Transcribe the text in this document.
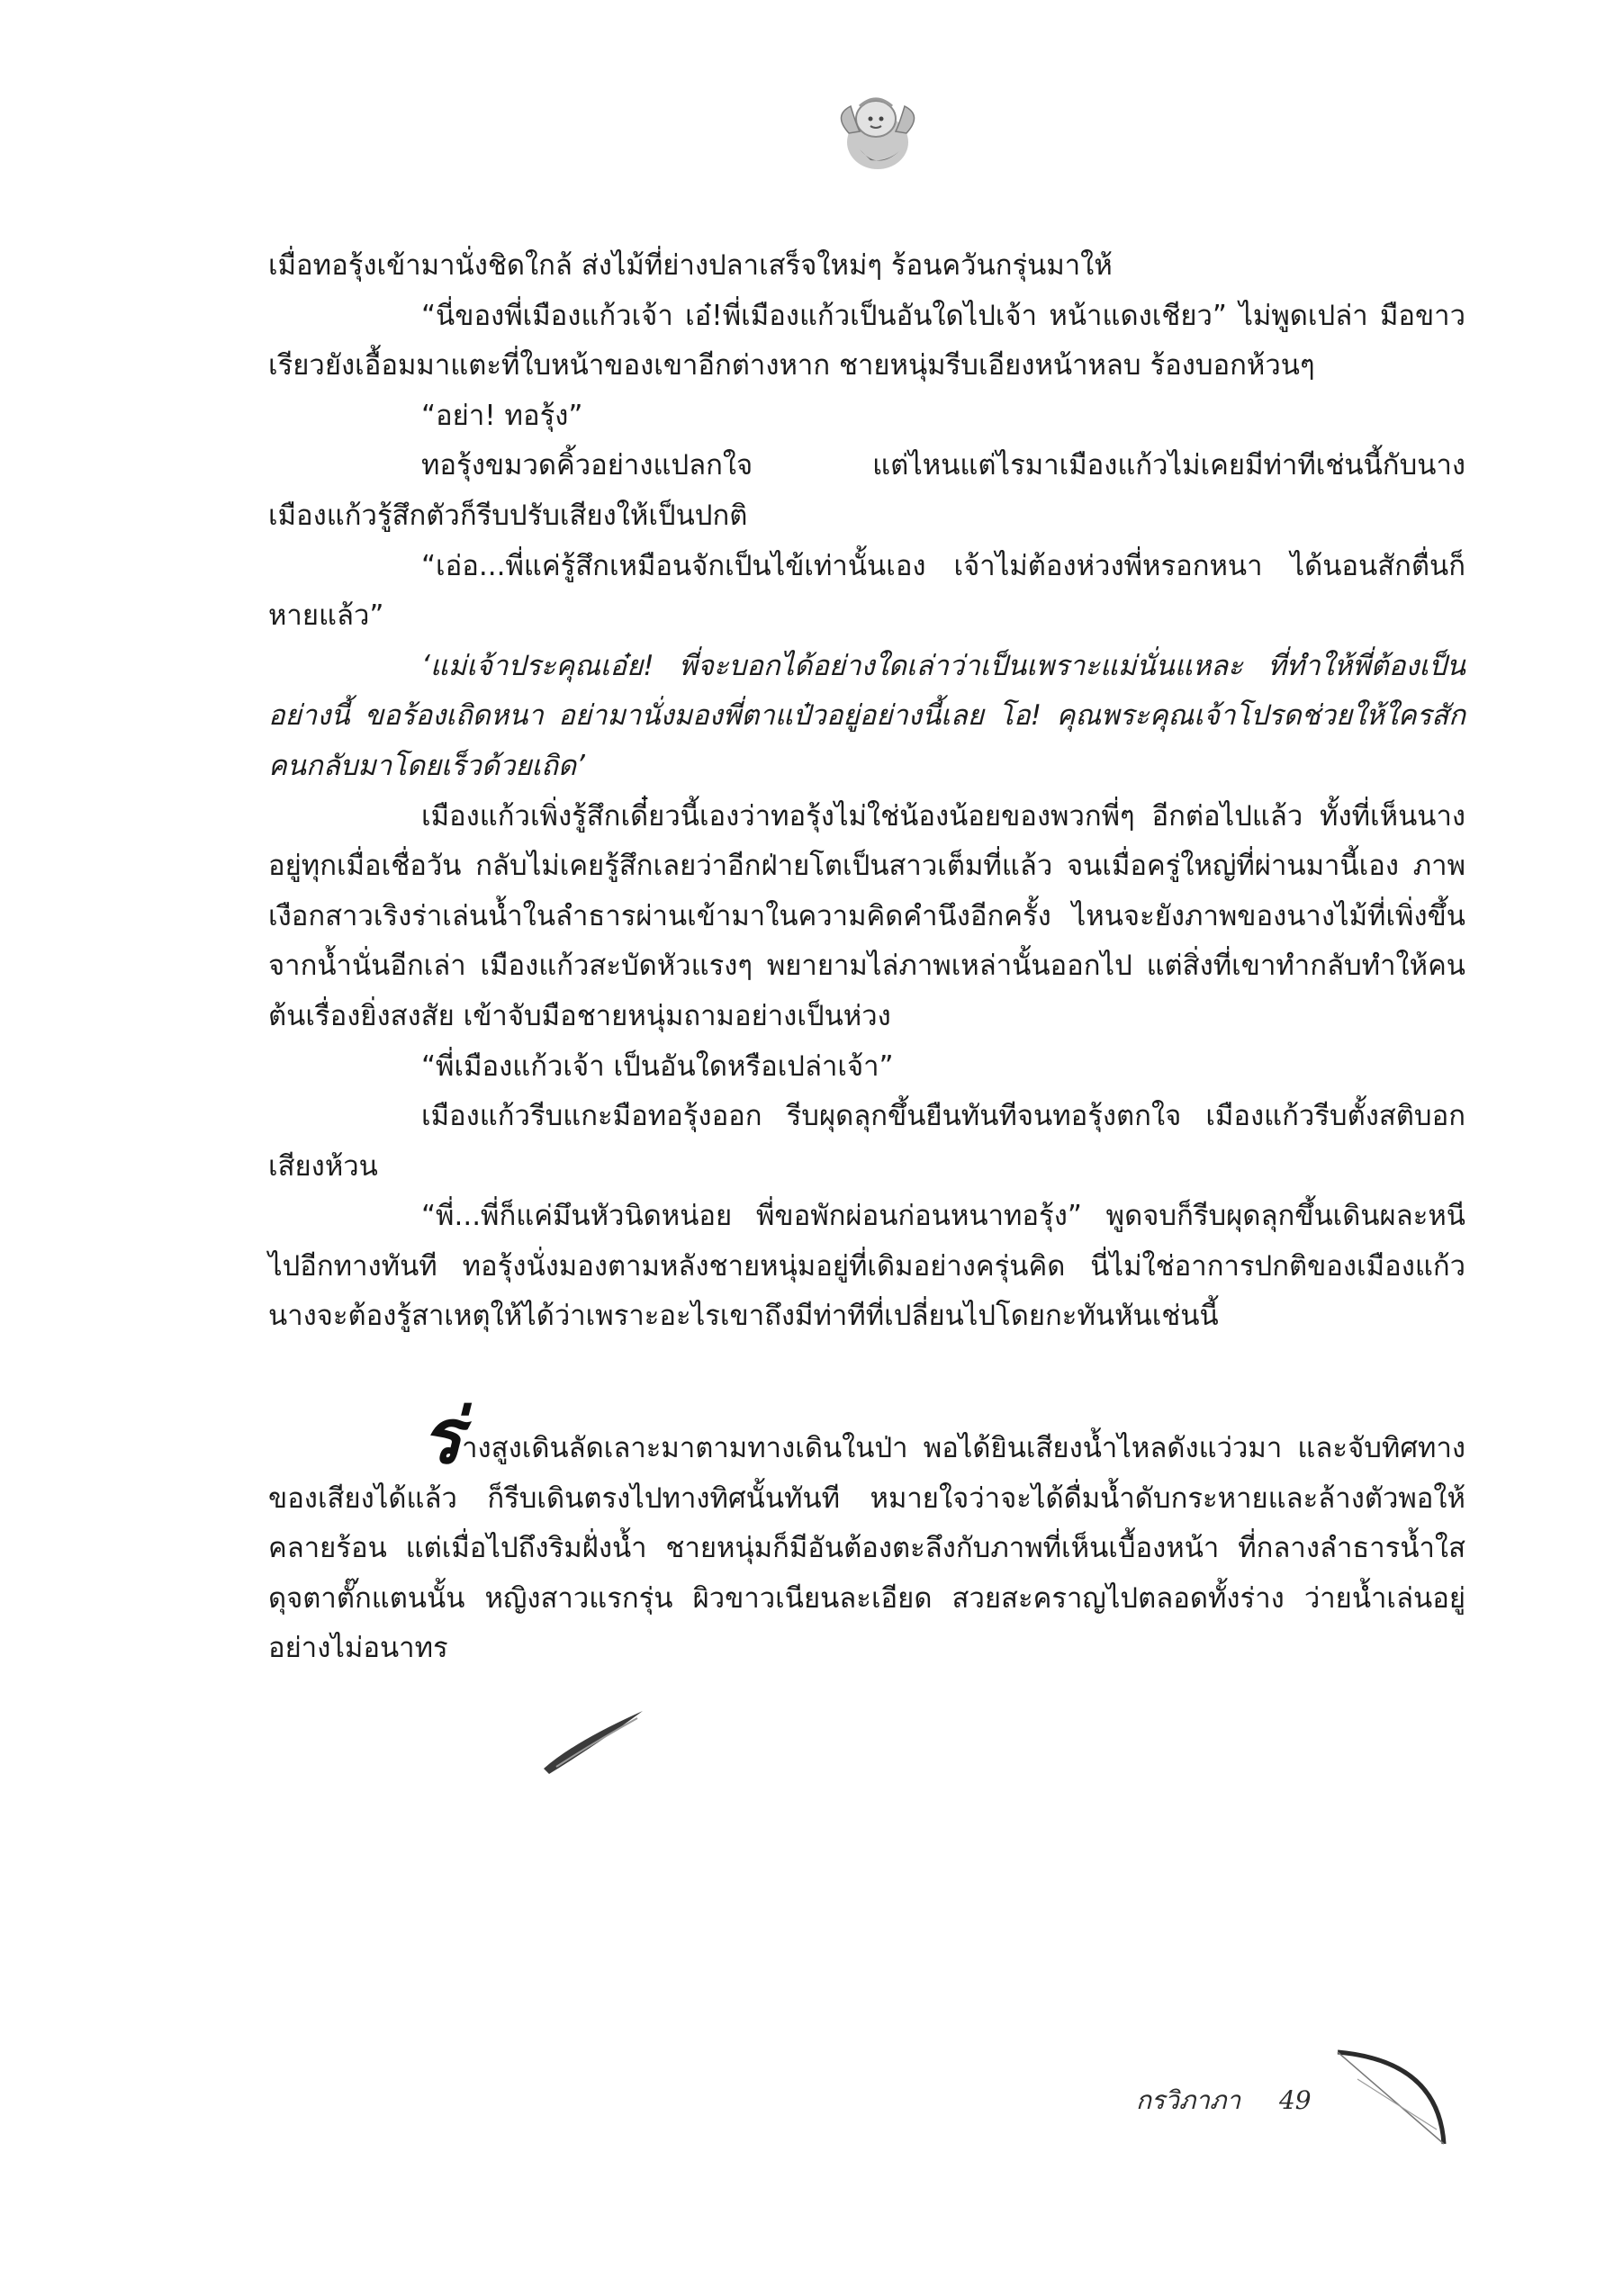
เมื่อทอรุ้งเข้ามานั่งชิดใกล้ ส่งไม้ที่ย่างปลาเสร็จใหม่ๆ ร้อนควันกรุ่นมาให้

“นี่ของพี่เมืองแก้วเจ้า เอ๋!พี่เมืองแก้วเป็นอันใดไปเจ้า หน้าแดงเชียว” ไม่พูดเปล่า มือขาวเรียวยังเอื้อมมาแตะที่ใบหน้าของเขาอีกต่างหาก ชายหนุ่มรีบเอียงหน้าหลบ ร้องบอกห้วนๆ

“อย่า! ทอรุ้ง”

ทอรุ้งขมวดคิ้วอย่างแปลกใจ แต่ไหนแต่ไรมาเมืองแก้วไม่เคยมีท่าทีเช่นนี้กับนาง เมืองแก้วรู้สึกตัวก็รีบปรับเสียงให้เป็นปกติ

“เอ่อ...พี่แค่รู้สึกเหมือนจักเป็นไข้เท่านั้นเอง เจ้าไม่ต้องห่วงพี่หรอกหนา ได้นอนสักตื่นก็หายแล้ว”

‘แม่เจ้าประคุณเอ๋ย! พี่จะบอกได้อย่างใดเล่าว่าเป็นเพราะแม่นั่นแหละ ที่ทำให้พี่ต้องเป็นอย่างนี้ ขอร้องเถิดหนา อย่ามานั่งมองพี่ตาแป๋วอยู่อย่างนี้เลย โอ! คุณพระคุณเจ้าโปรดช่วยให้ใครสักคนกลับมาโดยเร็วด้วยเถิด’

เมืองแก้วเพิ่งรู้สึกเดี๋ยวนี้เองว่าทอรุ้งไม่ใช่น้องน้อยของพวกพี่ๆ อีกต่อไปแล้ว ทั้งที่เห็นนางอยู่ทุกเมื่อเชื่อวัน กลับไม่เคยรู้สึกเลยว่าอีกฝ่ายโตเป็นสาวเต็มที่แล้ว จนเมื่อครู่ใหญ่ที่ผ่านมานี้เอง ภาพเงือกสาวเริงร่าเล่นน้ำในลำธารผ่านเข้ามาในความคิดคำนึงอีกครั้ง ไหนจะยังภาพของนางไม้ที่เพิ่งขึ้นจากน้ำนั่นอีกเล่า เมืองแก้วสะบัดหัวแรงๆ พยายามไล่ภาพเหล่านั้นออกไป แต่สิ่งที่เขาทำกลับทำให้คนต้นเรื่องยิ่งสงสัย เข้าจับมือชายหนุ่มถามอย่างเป็นห่วง

“พี่เมืองแก้วเจ้า เป็นอันใดหรือเปล่าเจ้า”

เมืองแก้วรีบแกะมือทอรุ้งออก รีบผุดลุกขึ้นยืนทันทีจนทอรุ้งตกใจ เมืองแก้วรีบตั้งสติบอกเสียงห้วน

“พี่...พี่ก็แค่มึนหัวนิดหน่อย พี่ขอพักผ่อนก่อนหนาทอรุ้ง” พูดจบก็รีบผุดลุกขึ้นเดินผละหนีไปอีกทางทันที ทอรุ้งนั่งมองตามหลังชายหนุ่มอยู่ที่เดิมอย่างครุ่นคิด นี่ไม่ใช่อาการปกติของเมืองแก้ว นางจะต้องรู้สาเหตุให้ได้ว่าเพราะอะไรเขาถึงมีท่าทีที่เปลี่ยนไปโดยกะทันหันเช่นนี้

ร่างสูงเดินลัดเลาะมาตามทางเดินในป่า พอได้ยินเสียงน้ำไหลดังแว่วมา และจับทิศทางของเสียงได้แล้ว ก็รีบเดินตรงไปทางทิศนั้นทันที หมายใจว่าจะได้ดื่มน้ำดับกระหายและล้างตัวพอให้คลายร้อน แต่เมื่อไปถึงริมฝั่งน้ำ ชายหนุ่มก็มีอันต้องตะลึงกับภาพที่เห็นเบื้องหน้า ที่กลางลำธารน้ำใสดุจตาตั๊กแตนนั้น หญิงสาวแรกรุ่น ผิวขาวเนียนละเอียด สวยสะคราญไปตลอดทั้งร่าง ว่ายน้ำเล่นอยู่อย่างไม่อนาทร

กรวิภาภา 49
